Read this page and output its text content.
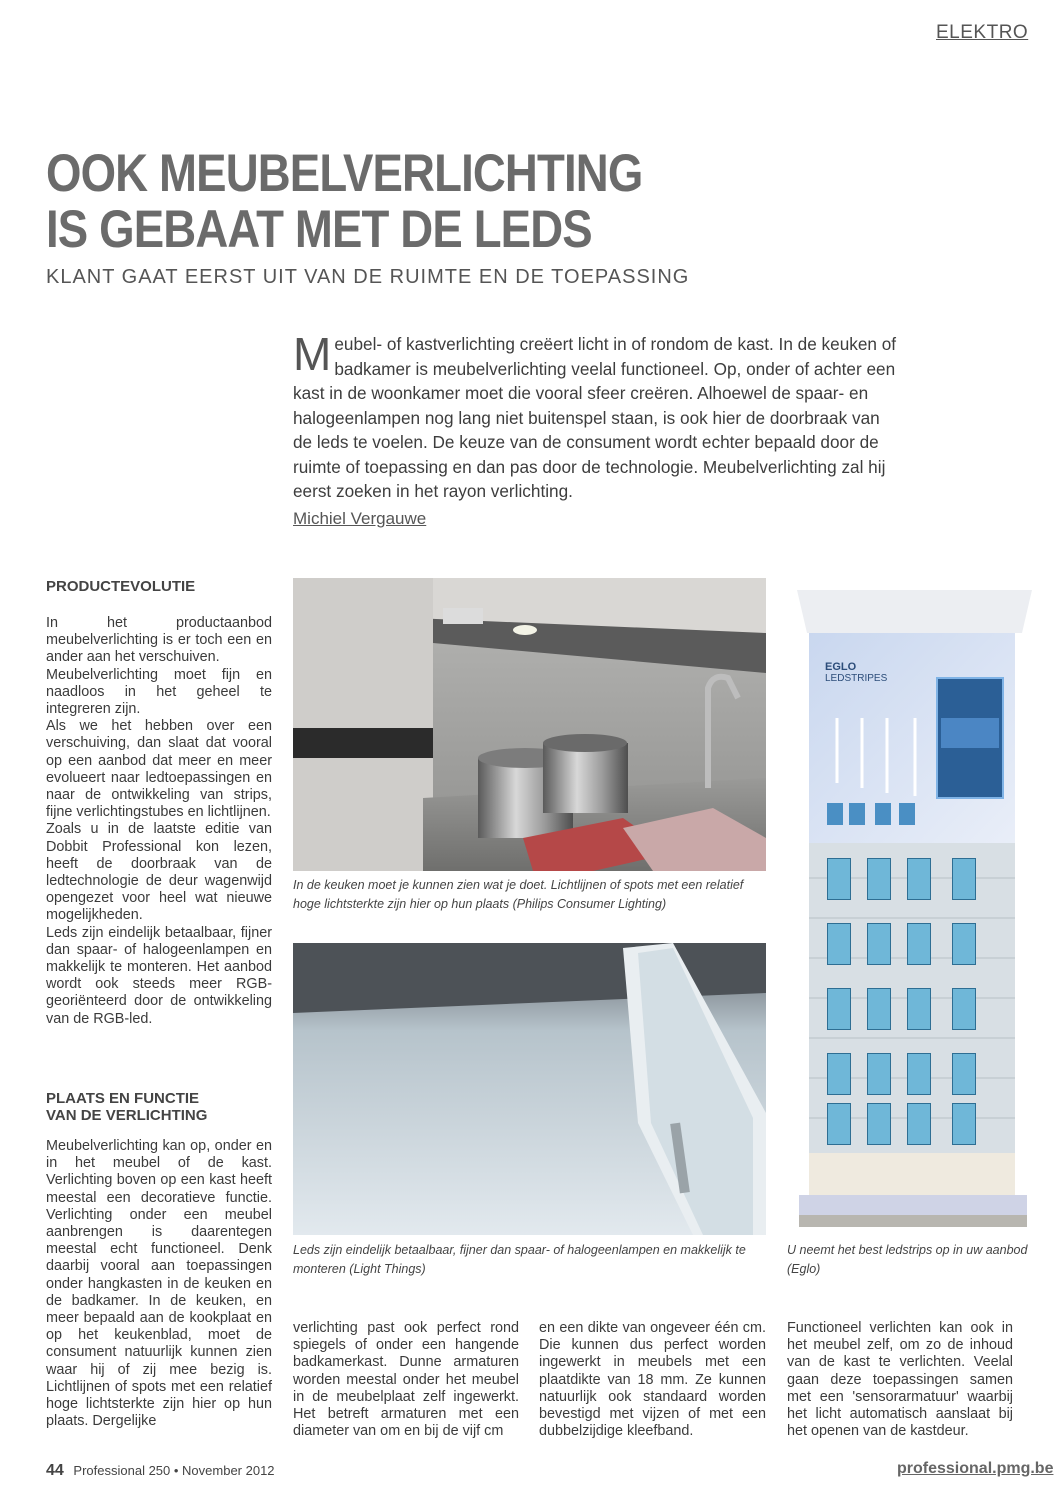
ELEKTRO
OOK MEUBELVERLICHTING
IS GEBAAT MET DE LEDS
KLANT GAAT EERST UIT VAN DE RUIMTE EN DE TOEPASSING
M eubel- of kastverlichting creëert licht in of rondom de kast. In de keuken of badkamer is meubelverlichting veelal functioneel. Op, onder of achter een kast in de woonkamer moet die vooral sfeer creëren. Alhoewel de spaar- en halogeenlampen nog lang niet buitenspel staan, is ook hier de doorbraak van de leds te voelen. De keuze van de consument wordt echter bepaald door de ruimte of toepassing en dan pas door de technologie. Meubelverlichting zal hij eerst zoeken in het rayon verlichting.
Michiel Vergauwe
PRODUCTEVOLUTIE

In het productaanbod meubelverlichting is er toch een en ander aan het verschuiven.

Meubelverlichting moet fijn en naadloos in het geheel te integreren zijn.

Als we het hebben over een verschuiving, dan slaat dat vooral op een aanbod dat meer en meer evolueert naar ledtoepassingen en naar de ontwikkeling van strips, fijne verlichtingstubes en lichtlijnen.

Zoals u in de laatste editie van Dobbit Professional kon lezen, heeft de doorbraak van de ledtechnologie de deur wagenwijd opengezet voor heel wat nieuwe mogelijkheden.

Leds zijn eindelijk betaalbaar, fijner dan spaar- of halogeenlampen en makkelijk te monteren. Het aanbod wordt ook steeds meer RGB-georiënteerd door de ontwikkeling van de RGB-led.

PLAATS EN FUNCTIE
VAN DE VERLICHTING
Meubelverlichting kan op, onder en in het meubel of de kast. Verlichting boven op een kast heeft meestal een decoratieve functie. Verlichting onder een meubel aanbrengen is daarentegen meestal echt functioneel. Denk daarbij vooral aan toepassingen onder hangkasten in de keuken en de badkamer. In de keuken, en meer bepaald aan de kookplaat en op het keukenblad, moet de consument natuurlijk kunnen zien waar hij of zij mee bezig is. Lichtlijnen of spots met een relatief hoge lichtsterkte zijn hier op hun plaats. Dergelijke
In de keuken moet je kunnen zien wat je doet. Lichtlijnen of spots met een relatief hoge lichtsterkte zijn hier op hun plaats (Philips Consumer Lighting)
Leds zijn eindelijk betaalbaar, fijner dan spaar- of halogeenlampen en makkelijk te monteren (Light Things)
EGLO
LEDSTRIPES
U neemt het best ledstrips op in uw aanbod (Eglo)
verlichting past ook perfect rond spiegels of onder een hangende badkamerkast. Dunne armaturen worden meestal onder het meubel in de meubelplaat zelf ingewerkt. Het betreft armaturen met een diameter van om en bij de vijf cm
en een dikte van ongeveer één cm. Die kunnen dus perfect worden ingewerkt in meubels met een plaatdikte van 18 mm. Ze kunnen natuurlijk ook standaard worden bevestigd met vijzen of met een dubbelzijdige kleefband.
Functioneel verlichten kan ook in het meubel zelf, om zo de inhoud van de kast te verlichten. Veelal gaan deze toepassingen samen met een 'sensorarmatuur' waarbij het licht automatisch aanslaat bij het openen van de kastdeur.
44 Professional 250 • November 2012	professional.pmg.be
